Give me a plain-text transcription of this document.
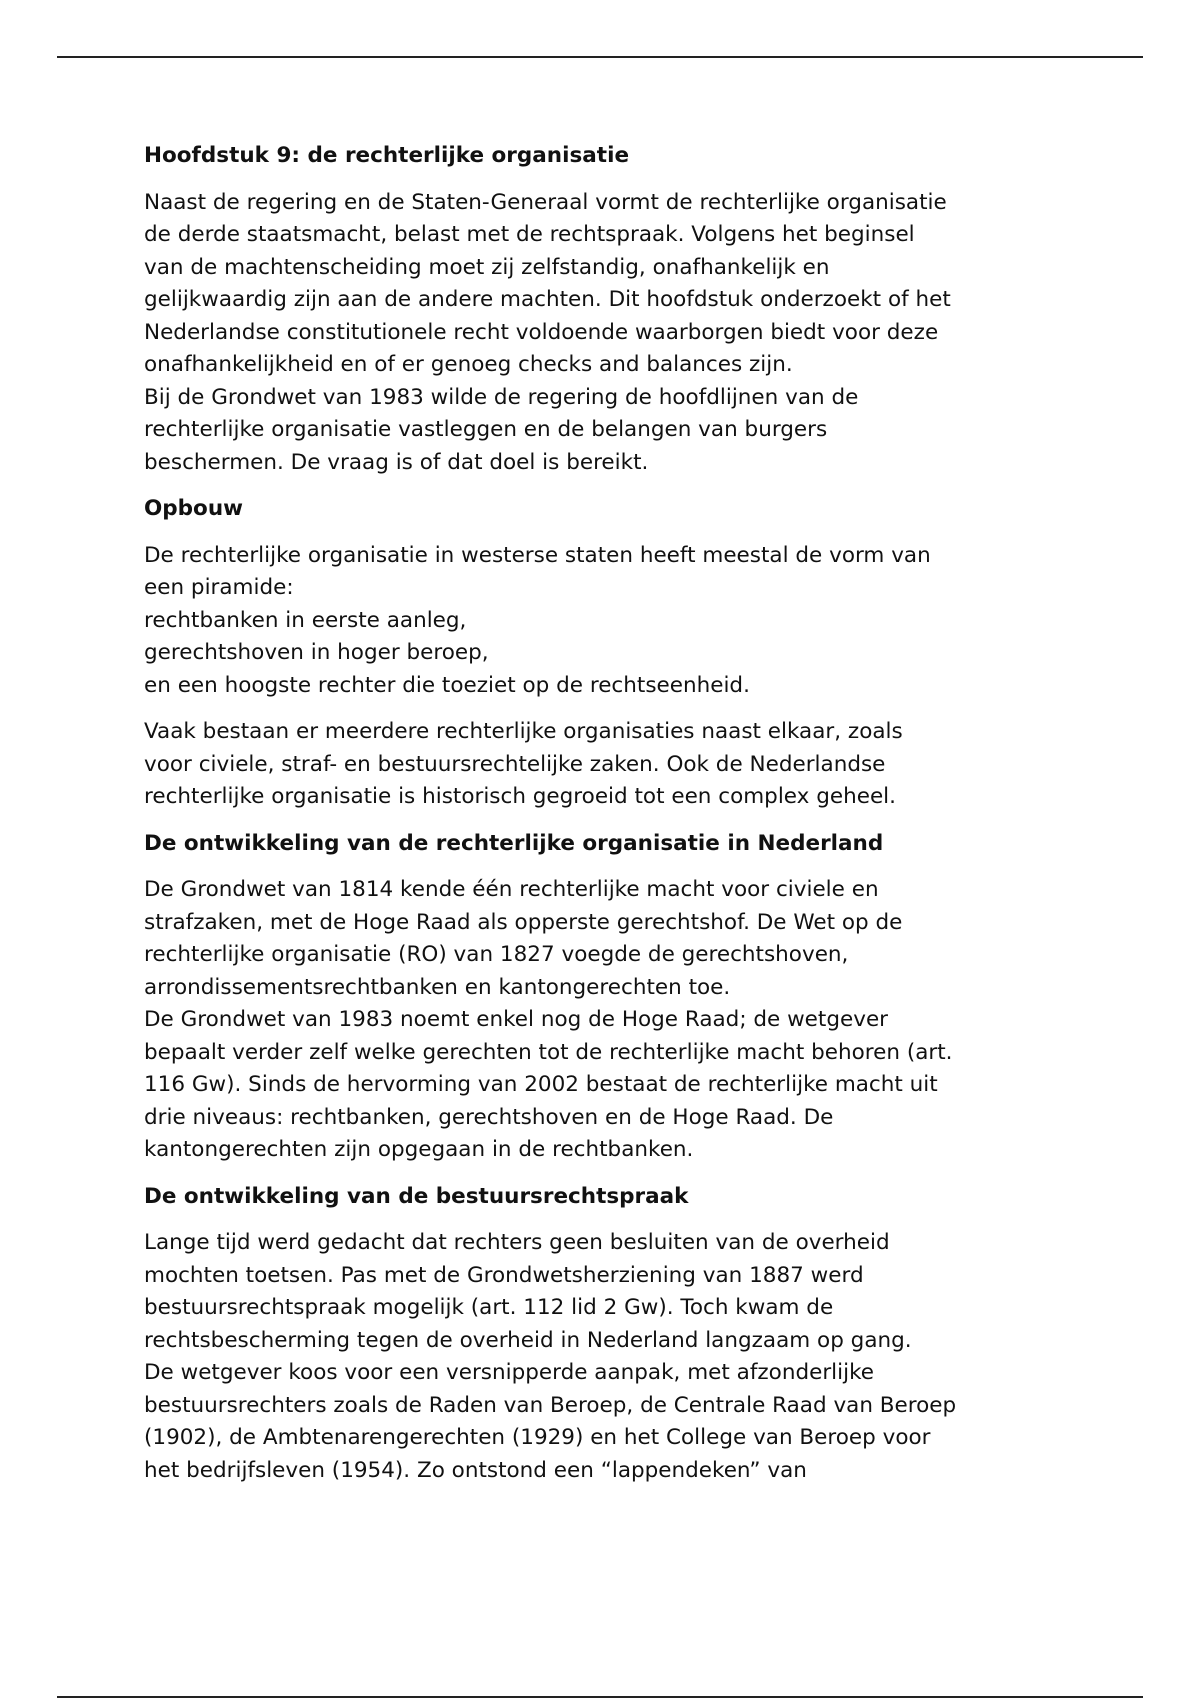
Hoofdstuk 9: de rechterlijke organisatie

Naast de regering en de Staten-Generaal vormt de rechterlijke organisatie
de derde staatsmacht, belast met de rechtspraak. Volgens het beginsel
van de machtenscheiding moet zij zelfstandig, onafhankelijk en
gelijkwaardig zijn aan de andere machten. Dit hoofdstuk onderzoekt of het
Nederlandse constitutionele recht voldoende waarborgen biedt voor deze
onafhankelijkheid en of er genoeg checks and balances zijn.
Bij de Grondwet van 1983 wilde de regering de hoofdlijnen van de
rechterlijke organisatie vastleggen en de belangen van burgers
beschermen. De vraag is of dat doel is bereikt.

Opbouw

De rechterlijke organisatie in westerse staten heeft meestal de vorm van
een piramide:
rechtbanken in eerste aanleg,
gerechtshoven in hoger beroep,
en een hoogste rechter die toeziet op de rechtseenheid.

Vaak bestaan er meerdere rechterlijke organisaties naast elkaar, zoals
voor civiele, straf- en bestuursrechtelijke zaken. Ook de Nederlandse
rechterlijke organisatie is historisch gegroeid tot een complex geheel.

De ontwikkeling van de rechterlijke organisatie in Nederland

De Grondwet van 1814 kende één rechterlijke macht voor civiele en
strafzaken, met de Hoge Raad als opperste gerechtshof. De Wet op de
rechterlijke organisatie (RO) van 1827 voegde de gerechtshoven,
arrondissementsrechtbanken en kantongerechten toe.
De Grondwet van 1983 noemt enkel nog de Hoge Raad; de wetgever
bepaalt verder zelf welke gerechten tot de rechterlijke macht behoren (art.
116 Gw). Sinds de hervorming van 2002 bestaat de rechterlijke macht uit
drie niveaus: rechtbanken, gerechtshoven en de Hoge Raad. De
kantongerechten zijn opgegaan in de rechtbanken.

De ontwikkeling van de bestuursrechtspraak

Lange tijd werd gedacht dat rechters geen besluiten van de overheid
mochten toetsen. Pas met de Grondwetsherziening van 1887 werd
bestuursrechtspraak mogelijk (art. 112 lid 2 Gw). Toch kwam de
rechtsbescherming tegen de overheid in Nederland langzaam op gang.
De wetgever koos voor een versnipperde aanpak, met afzonderlijke
bestuursrechters zoals de Raden van Beroep, de Centrale Raad van Beroep
(1902), de Ambtenarengerechten (1929) en het College van Beroep voor
het bedrijfsleven (1954). Zo ontstond een “lappendeken” van
